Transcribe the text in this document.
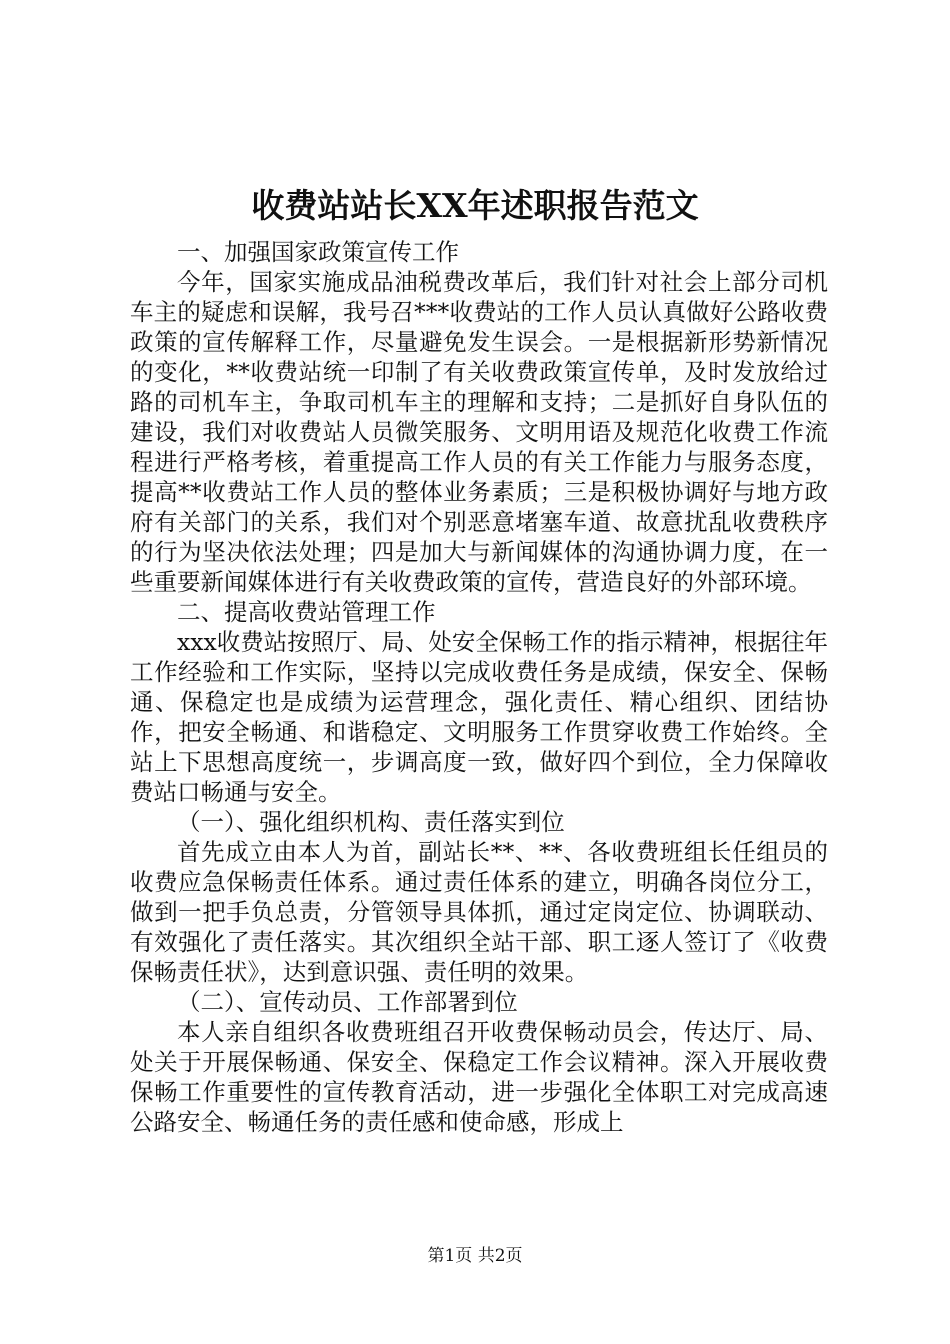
收费站站长XX年述职报告范文

一、加强国家政策宣传工作

今年，国家实施成品油税费改革后，我们针对社会上部分司机车主的疑虑和误解，我号召***收费站的工作人员认真做好公路收费政策的宣传解释工作，尽量避免发生误会。一是根据新形势新情况的变化，**收费站统一印制了有关收费政策宣传单，及时发放给过路的司机车主，争取司机车主的理解和支持；二是抓好自身队伍的建设，我们对收费站人员微笑服务、文明用语及规范化收费工作流程进行严格考核，着重提高工作人员的有关工作能力与服务态度，提高**收费站工作人员的整体业务素质；三是积极协调好与地方政府有关部门的关系，我们对个别恶意堵塞车道、故意扰乱收费秩序的行为坚决依法处理；四是加大与新闻媒体的沟通协调力度，在一些重要新闻媒体进行有关收费政策的宣传，营造良好的外部环境。

二、提高收费站管理工作

xxx收费站按照厅、局、处安全保畅工作的指示精神，根据往年工作经验和工作实际，坚持以完成收费任务是成绩，保安全、保畅通、保稳定也是成绩为运营理念，强化责任、精心组织、团结协作，把安全畅通、和谐稳定、文明服务工作贯穿收费工作始终。全站上下思想高度统一，步调高度一致，做好四个到位，全力保障收费站口畅通与安全。

（一）、强化组织机构、责任落实到位

首先成立由本人为首，副站长**、**、各收费班组长任组员的收费应急保畅责任体系。通过责任体系的建立，明确各岗位分工，做到一把手负总责，分管领导具体抓，通过定岗定位、协调联动、有效强化了责任落实。其次组织全站干部、职工逐人签订了《收费保畅责任状》，达到意识强、责任明的效果。

（二）、宣传动员、工作部署到位

本人亲自组织各收费班组召开收费保畅动员会，传达厅、局、处关于开展保畅通、保安全、保稳定工作会议精神。深入开展收费保畅工作重要性的宣传教育活动，进一步强化全体职工对完成高速公路安全、畅通任务的责任感和使命感，形成上

第1页 共2页
